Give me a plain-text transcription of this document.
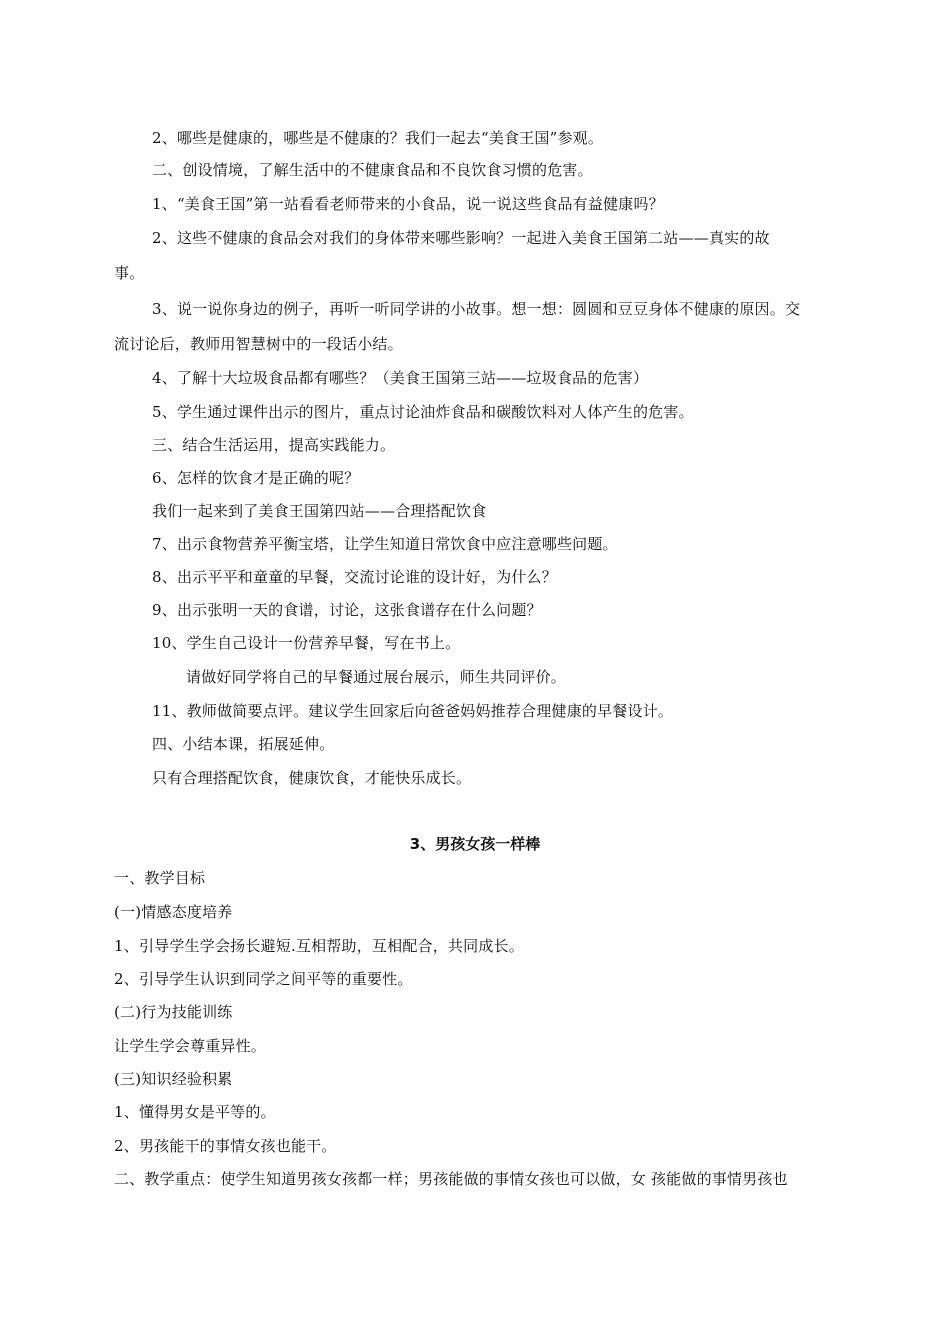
2、哪些是健康的，哪些是不健康的？我们一起去“美食王国”参观。
二、创设情境，了解生活中的不健康食品和不良饮食习惯的危害。
1、“美食王国”第一站看看老师带来的小食品，说一说这些食品有益健康吗？
2、这些不健康的食品会对我们的身体带来哪些影响？一起进入美食王国第二站——真实的故
事。
3、说一说你身边的例子，再听一听同学讲的小故事。想一想：圆圆和豆豆身体不健康的原因。交
流讨论后，教师用智慧树中的一段话小结。
4、了解十大垃圾食品都有哪些？（美食王国第三站——垃圾食品的危害）
5、学生通过课件出示的图片，重点讨论油炸食品和碳酸饮料对人体产生的危害。
三、结合生活运用，提高实践能力。
6、怎样的饮食才是正确的呢？
我们一起来到了美食王国第四站——合理搭配饮食
7、出示食物营养平衡宝塔，让学生知道日常饮食中应注意哪些问题。
8、出示平平和童童的早餐，交流讨论谁的设计好，为什么？
9、出示张明一天的食谱，讨论，这张食谱存在什么问题？
10、学生自己设计一份营养早餐，写在书上。
请做好同学将自己的早餐通过展台展示，师生共同评价。
11、教师做简要点评。建议学生回家后向爸爸妈妈推荐合理健康的早餐设计。
四、小结本课，拓展延伸。
只有合理搭配饮食，健康饮食，才能快乐成长。
3、男孩女孩一样棒
一、教学目标
(一)情感态度培养
1、引导学生学会扬长避短.互相帮助，互相配合，共同成长。
2、引导学生认识到同学之间平等的重要性。
(二)行为技能训练
让学生学会尊重异性。
(三)知识经验积累
1、懂得男女是平等的。
2、男孩能干的事情女孩也能干。
二、教学重点：使学生知道男孩女孩都一样；男孩能做的事情女孩也可以做，女 孩能做的事情男孩也
